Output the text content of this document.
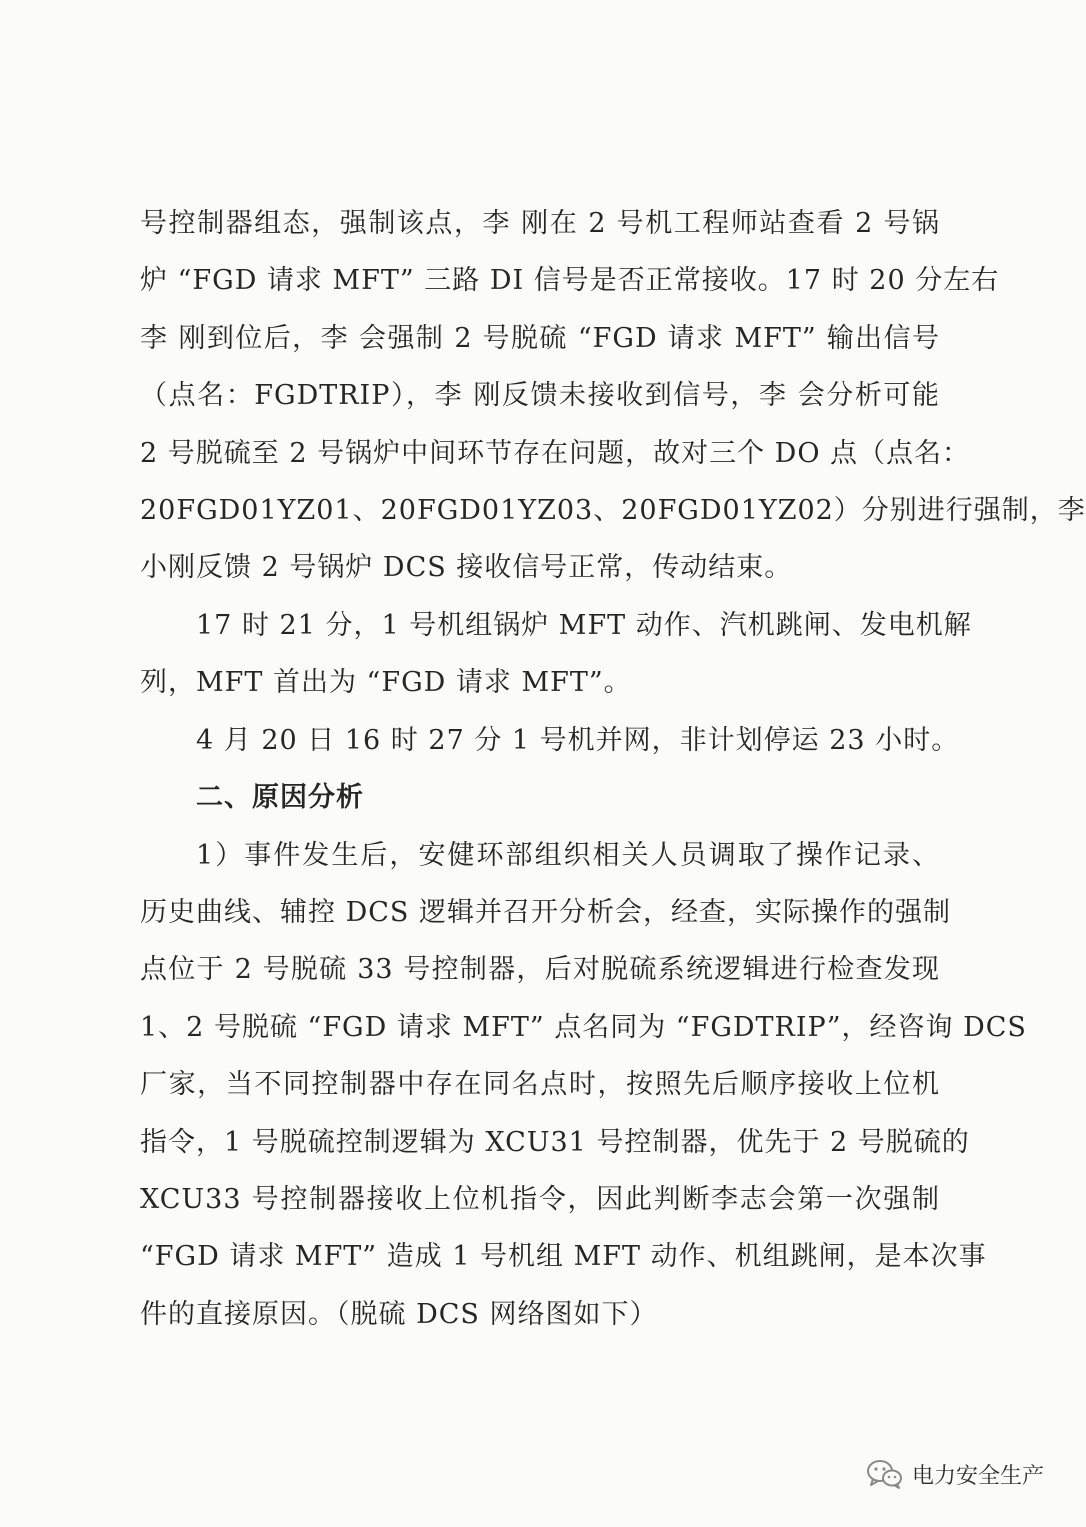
号控制器组态，强制该点，李 刚在 2 号机工程师站查看 2 号锅
炉 “FGD 请求 MFT” 三路 DI 信号是否正常接收。17 时 20 分左右
李 刚到位后，李 会强制 2 号脱硫 “FGD 请求 MFT” 输出信号
（点名：FGDTRIP），李 刚反馈未接收到信号，李 会分析可能
2 号脱硫至 2 号锅炉中间环节存在问题，故对三个 DO 点（点名：
20FGD01YZ01、20FGD01YZ03、20FGD01YZ02）分别进行强制，李
小刚反馈 2 号锅炉 DCS 接收信号正常，传动结束。
17 时 21 分，1 号机组锅炉 MFT 动作、汽机跳闸、发电机解
列，MFT 首出为 “FGD 请求 MFT”。
4 月 20 日 16 时 27 分 1 号机并网，非计划停运 23 小时。
二、原因分析
1）事件发生后，安健环部组织相关人员调取了操作记录、
历史曲线、辅控 DCS 逻辑并召开分析会，经查，实际操作的强制
点位于 2 号脱硫 33 号控制器，后对脱硫系统逻辑进行检查发现
1、2 号脱硫 “FGD 请求 MFT” 点名同为 “FGDTRIP”，经咨询 DCS
厂家，当不同控制器中存在同名点时，按照先后顺序接收上位机
指令，1 号脱硫控制逻辑为 XCU31 号控制器，优先于 2 号脱硫的
XCU33 号控制器接收上位机指令，因此判断李志会第一次强制
“FGD 请求 MFT” 造成 1 号机组 MFT 动作、机组跳闸，是本次事
件的直接原因。（脱硫 DCS 网络图如下）
电力安全生产
